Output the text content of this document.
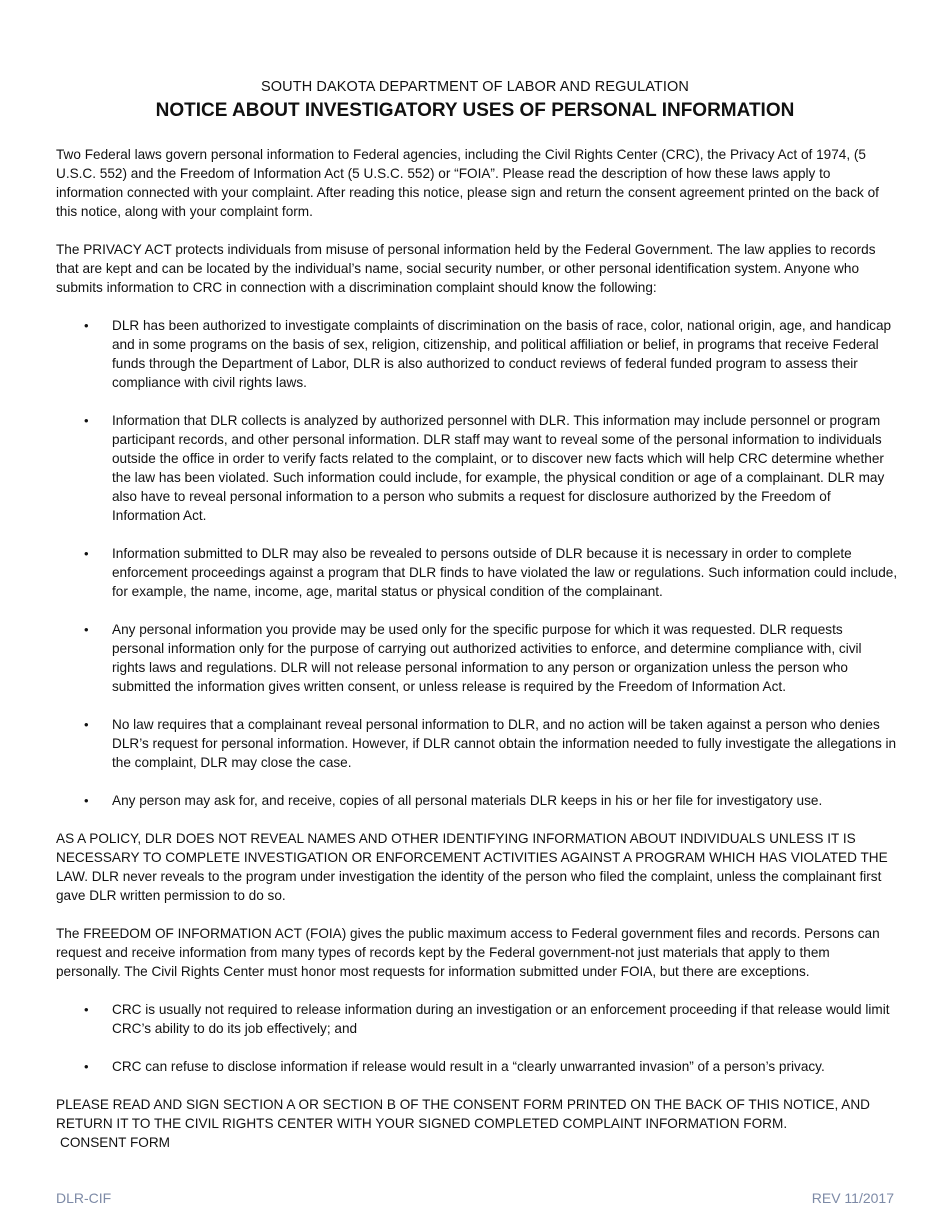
SOUTH DAKOTA DEPARTMENT OF LABOR AND REGULATION
NOTICE ABOUT INVESTIGATORY USES OF PERSONAL INFORMATION

Two Federal laws govern personal information to Federal agencies, including the Civil Rights Center (CRC), the Privacy Act of 1974, (5 U.S.C. 552) and the Freedom of Information Act (5 U.S.C. 552) or “FOIA”. Please read the description of how these laws apply to information connected with your complaint. After reading this notice, please sign and return the consent agreement printed on the back of this notice, along with your complaint form.

The PRIVACY ACT protects individuals from misuse of personal information held by the Federal Government. The law applies to records that are kept and can be located by the individual’s name, social security number, or other personal identification system. Anyone who submits information to CRC in connection with a discrimination complaint should know the following:

• DLR has been authorized to investigate complaints of discrimination on the basis of race, color, national origin, age, and handicap and in some programs on the basis of sex, religion, citizenship, and political affiliation or belief, in programs that receive Federal funds through the Department of Labor, DLR is also authorized to conduct reviews of federal funded program to assess their compliance with civil rights laws.
• Information that DLR collects is analyzed by authorized personnel with DLR. This information may include personnel or program participant records, and other personal information. DLR staff may want to reveal some of the personal information to individuals outside the office in order to verify facts related to the complaint, or to discover new facts which will help CRC determine whether the law has been violated. Such information could include, for example, the physical condition or age of a complainant. DLR may also have to reveal personal information to a person who submits a request for disclosure authorized by the Freedom of Information Act.
• Information submitted to DLR may also be revealed to persons outside of DLR because it is necessary in order to complete enforcement proceedings against a program that DLR finds to have violated the law or regulations. Such information could include, for example, the name, income, age, marital status or physical condition of the complainant.
• Any personal information you provide may be used only for the specific purpose for which it was requested. DLR requests personal information only for the purpose of carrying out authorized activities to enforce, and determine compliance with, civil rights laws and regulations. DLR will not release personal information to any person or organization unless the person who submitted the information gives written consent, or unless release is required by the Freedom of Information Act.
• No law requires that a complainant reveal personal information to DLR, and no action will be taken against a person who denies DLR’s request for personal information. However, if DLR cannot obtain the information needed to fully investigate the allegations in the complaint, DLR may close the case.
• Any person may ask for, and receive, copies of all personal materials DLR keeps in his or her file for investigatory use.

AS A POLICY, DLR DOES NOT REVEAL NAMES AND OTHER IDENTIFYING INFORMATION ABOUT INDIVIDUALS UNLESS IT IS NECESSARY TO COMPLETE INVESTIGATION OR ENFORCEMENT ACTIVITIES AGAINST A PROGRAM WHICH HAS VIOLATED THE LAW. DLR never reveals to the program under investigation the identity of the person who filed the complaint, unless the complainant first gave DLR written permission to do so.

The FREEDOM OF INFORMATION ACT (FOIA) gives the public maximum access to Federal government files and records. Persons can request and receive information from many types of records kept by the Federal government-not just materials that apply to them personally. The Civil Rights Center must honor most requests for information submitted under FOIA, but there are exceptions.

• CRC is usually not required to release information during an investigation or an enforcement proceeding if that release would limit CRC’s ability to do its job effectively; and
• CRC can refuse to disclose information if release would result in a “clearly unwarranted invasion” of a person’s privacy.

PLEASE READ AND SIGN SECTION A OR SECTION B OF THE CONSENT FORM PRINTED ON THE BACK OF THIS NOTICE, AND RETURN IT TO THE CIVIL RIGHTS CENTER WITH YOUR SIGNED COMPLETED COMPLAINT INFORMATION FORM.

CONSENT FORM

DLR-CIF	REV 11/2017
